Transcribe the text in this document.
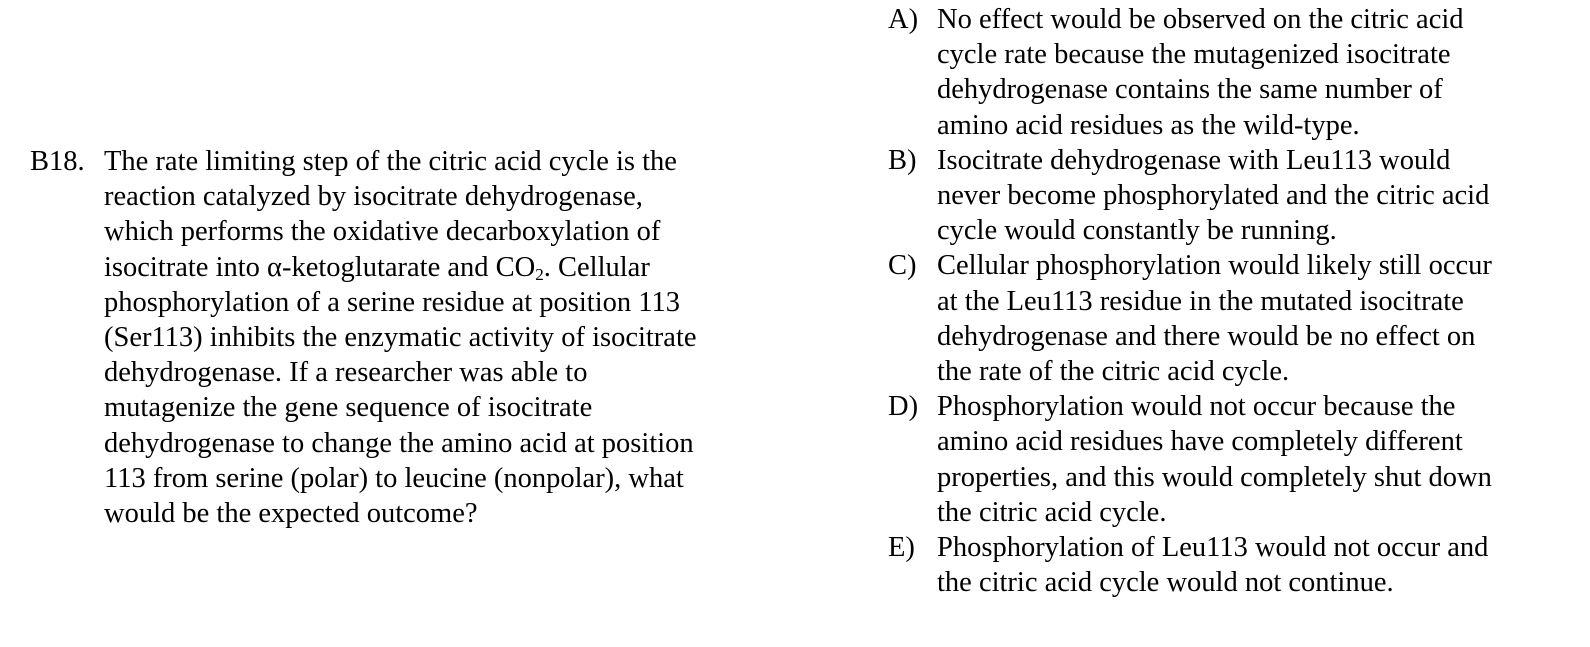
B18. The rate limiting step of the citric acid cycle is the
reaction catalyzed by isocitrate dehydrogenase,
which performs the oxidative decarboxylation of
isocitrate into α-ketoglutarate and $CO_2$. Cellular
phosphorylation of a serine residue at position 113
(Ser113) inhibits the enzymatic activity of isocitrate
dehydrogenase. If a researcher was able to
mutagenize the gene sequence of isocitrate
dehydrogenase to change the amino acid at position
113 from serine (polar) to leucine (nonpolar), what
would be the expected outcome?
A) No effect would be observed on the citric acid
cycle rate because the mutagenized isocitrate
dehydrogenase contains the same number of
amino acid residues as the wild-type.
B) Isocitrate dehydrogenase with Leu113 would
never become phosphorylated and the citric acid
cycle would constantly be running.
C) Cellular phosphorylation would likely still occur
at the Leu113 residue in the mutated isocitrate
dehydrogenase and there would be no effect on
the rate of the citric acid cycle.
D) Phosphorylation would not occur because the
amino acid residues have completely different
properties, and this would completely shut down
the citric acid cycle.
E) Phosphorylation of Leu113 would not occur and
the citric acid cycle would not continue.
